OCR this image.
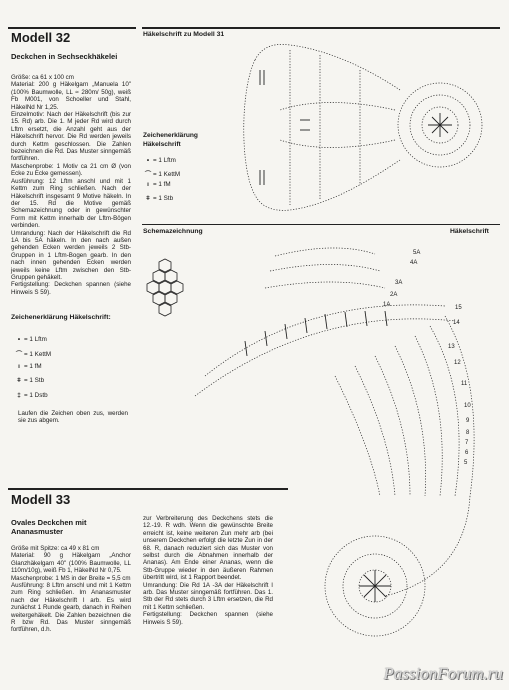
Modell 32
Deckchen in Sechseckhäkelei
Größe: ca 61 x 100 cm
Material: 200 g Häkelgarn „Manuela 10" (100% Baumwolle, LL ≈ 280m/ 50g), weiß Fb M001, von Schoeller und Stahl, HäkelNd Nr 1,25.
Einzelmotiv: Nach der Häkelschrift (bis zur 15. Rd) arb. Die 1. M jeder Rd wird durch Lftm ersetzt, die Anzahl geht aus der Häkelschrift hervor. Die Rd werden jeweils durch Kettm geschlossen. Die Zahlen bezeichnen die Rd. Das Muster sinngemäß fortführen.
Maschenprobe: 1 Motiv ca 21 cm Ø (von Ecke zu Ecke gemessen).
Ausführung: 12 Lftm anschl und mit 1 Kettm zum Ring schließen. Nach der Häkelschrift insgesamt 9 Motive häkeln. In der 15. Rd die Motive gemäß Schemazeichnung oder in gewünschter Form mit Kettm innerhalb der Lftm-Bögen verbinden.
Umrandung: Nach der Häkelschrift die Rd 1A bis 5A häkeln. In den nach außen gehenden Ecken werden jeweils 2 Stb-Gruppen in 1 Lftm-Bogen gearb. In den nach innen gehenden Ecken werden jeweils keine Lftm zwischen den Stb-Gruppen gehäkelt.
Fertigstellung: Deckchen spannen (siehe Hinweis S 59).
Zeichenerklärung Häkelschrift:
• = 1 Lftm
⌒ = 1 KettM
ı = 1 fM
ǂ = 1 Stb
‡ = 1 Dstb
Laufen die Zeichen oben zus, werden sie zus abgem.
Häkelschrift zu Modell 31
Zeichenerklärung Häkelschrift
• = 1 Lftm
⌒ = 1 KettM
ı = 1 fM
ǂ = 1 Stb
Schemazeichnung	Häkelschrift
5A
4A
3A
2A
1A	15
14
13
12
11
10
9
8
7
6
5
Modell 33
Ovales Deckchen mit Ananasmuster
Größe mit Spitze: ca 49 x 81 cm
Material: 90 g Häkelgarn „Anchor Glanzhäkelgarn 40" (100% Baumwolle, LL 110m/10g), weiß Fb 1, HäkelNd Nr 0,75.
Maschenprobe: 1 MS in der Breite = 5,5 cm
Ausführung: 8 Lftm anschl und mit 1 Kettm zum Ring schließen. Im Ananasmuster nach der Häkelschrift I arb. Es wird zunächst 1 Runde gearb, danach in Reihen weitergehäkelt. Die Zahlen bezeichnen die R bzw Rd. Das Muster sinngemäß fortführen, d.h.
zur Verbreiterung des Deckchens stets die 12.-19. R wdh. Wenn die gewünschte Breite erreicht ist, keine weiteren Zun mehr arb (bei unserem Deckchen erfolgt die letzte Zun in der 68. R, danach reduziert sich das Muster von selbst durch die Abnahmen innerhalb der Ananas). Am Ende einer Ananas, wenn die Stb-Gruppe wieder in den äußeren Rahmen übertritt wird, ist 1 Rapport beendet.
Umrandung: Die Rd 1A -3A der Häkelschrift I arb. Das Muster sinngemäß fortführen. Das 1. Stb der Rd stets durch 3 Lftm ersetzen, die Rd mit 1 Kettm schließen.
Fertigstellung: Deckchen spannen (siehe Hinweis S 59).
PassionForum.ru
